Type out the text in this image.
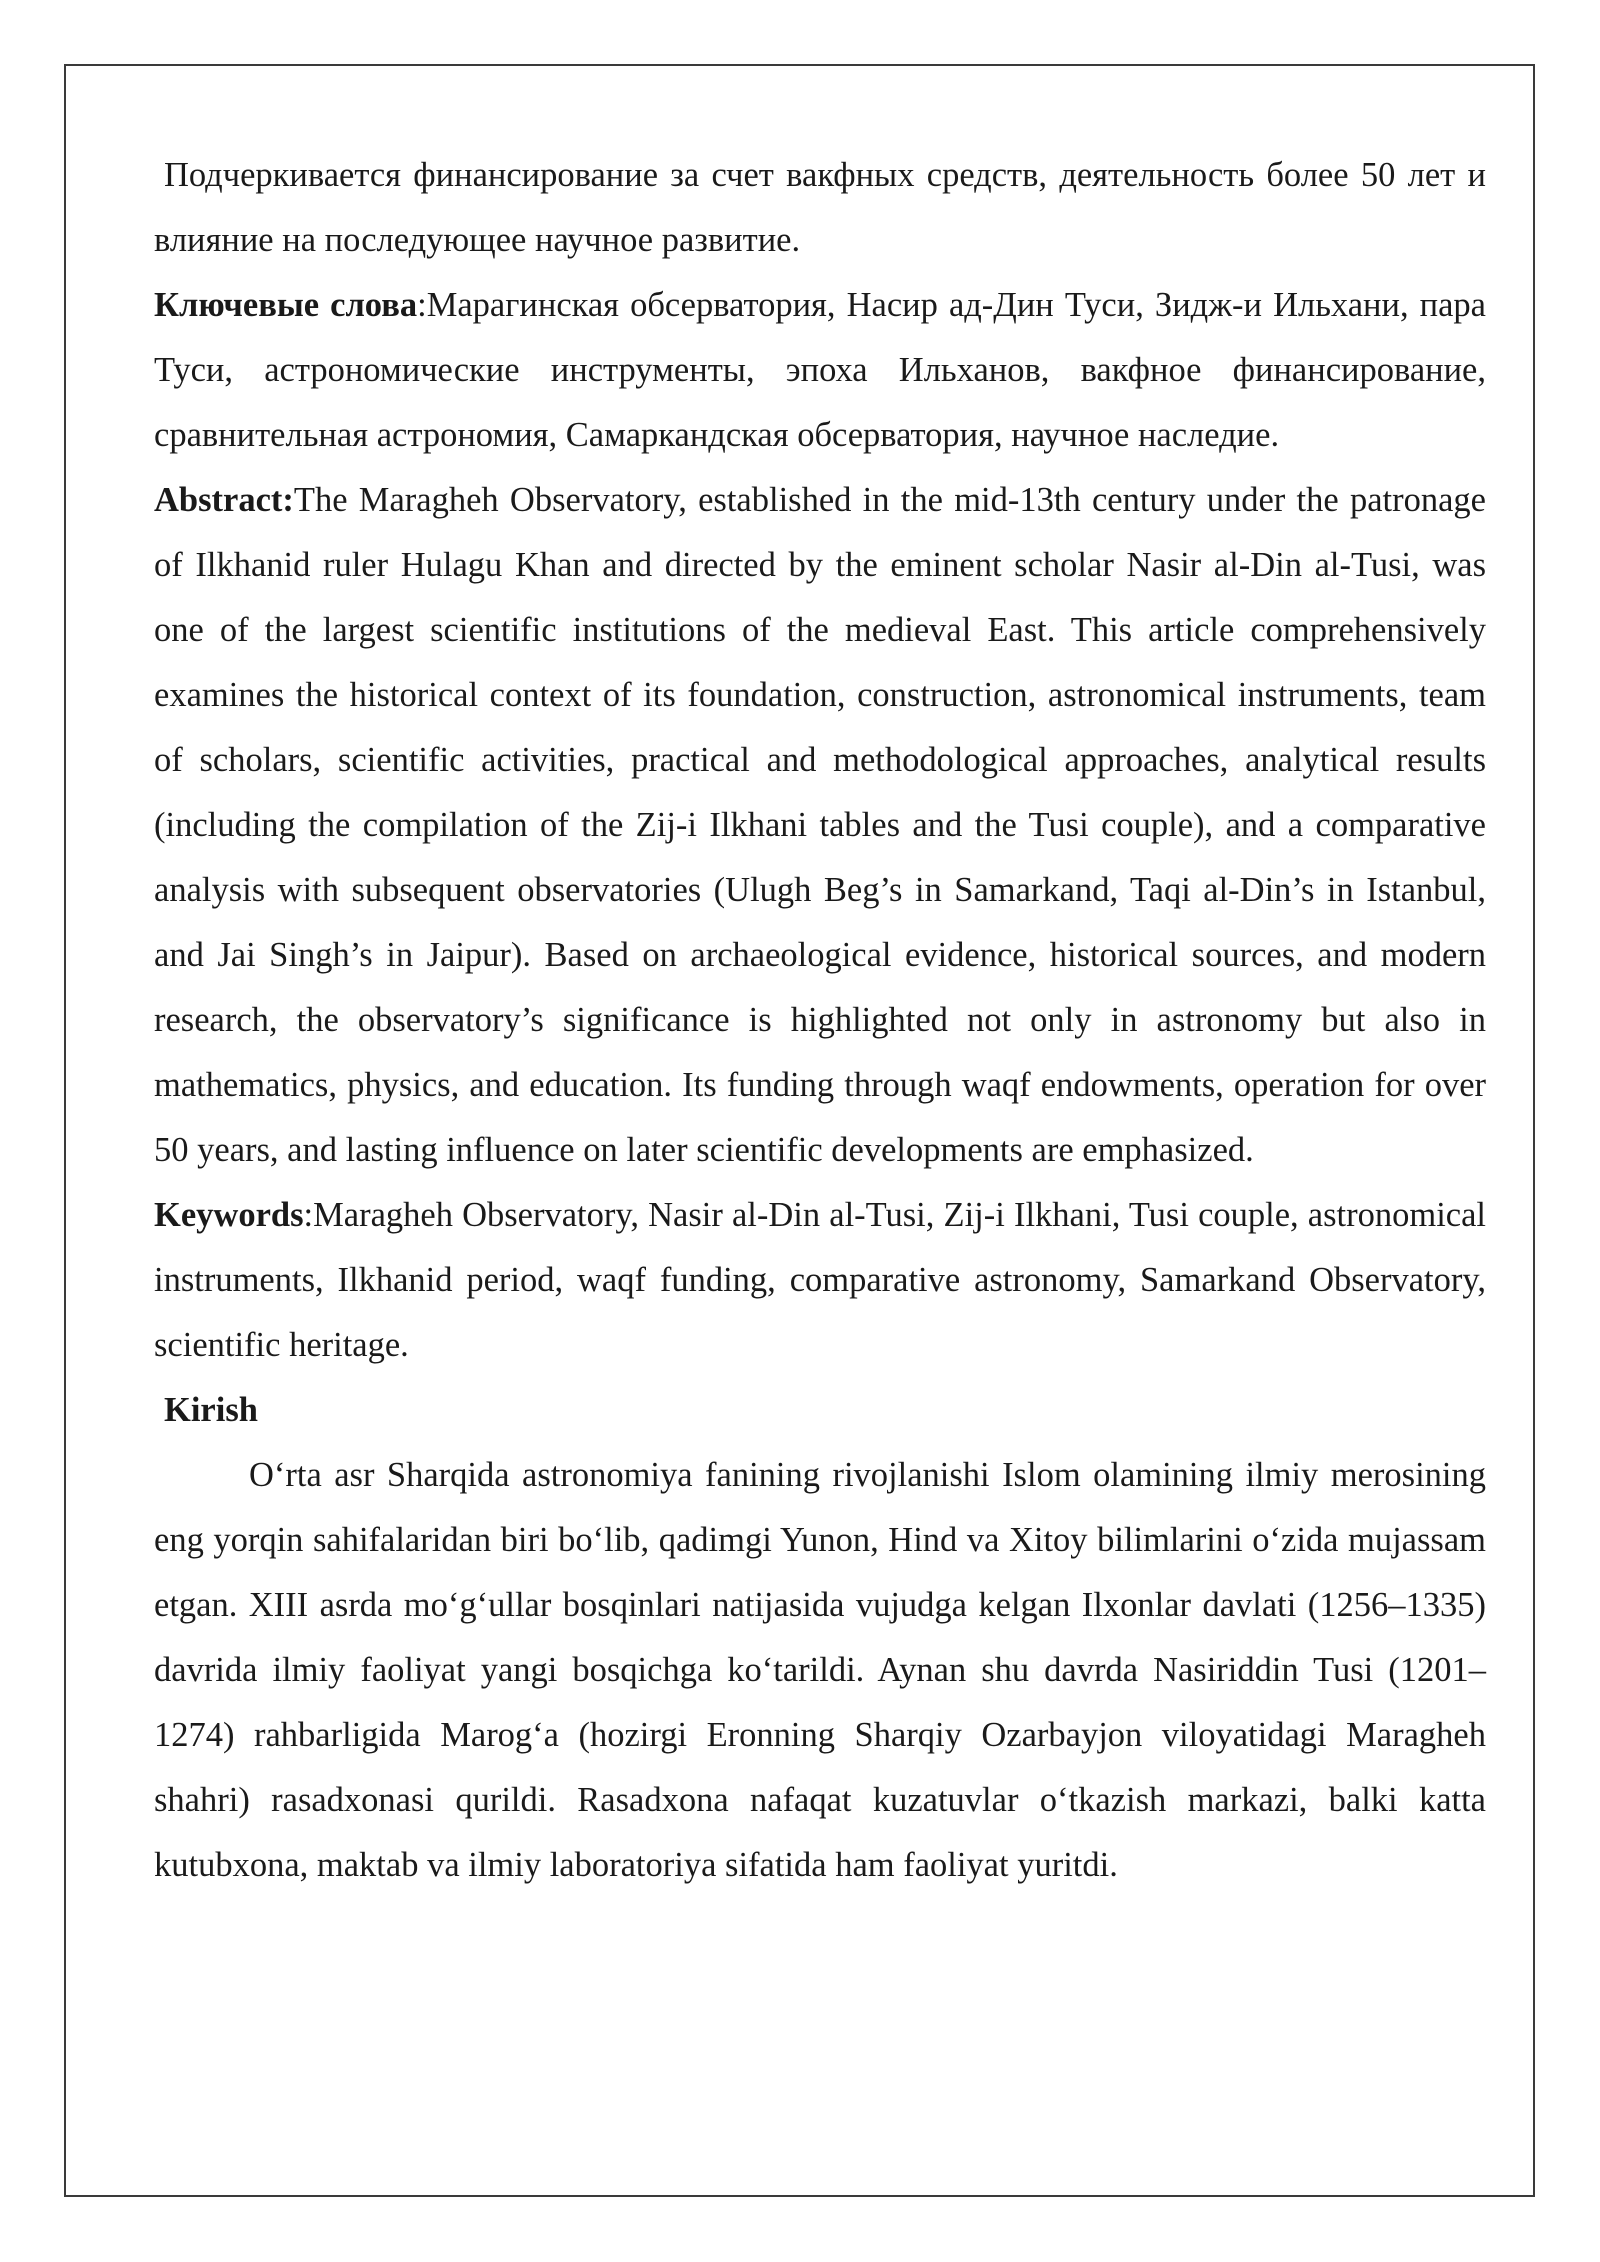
Подчеркивается финансирование за счет вакфных средств, деятельность более 50 лет и влияние на последующее научное развитие.

Ключевые слова:Марагинская обсерватория, Насир ад-Дин Туси, Зидж-и Ильхани, пара Туси, астрономические инструменты, эпоха Ильханов, вакфное финансирование, сравнительная астрономия, Самаркандская обсерватория, научное наследие.

Abstract:The Maragheh Observatory, established in the mid-13th century under the patronage of Ilkhanid ruler Hulagu Khan and directed by the eminent scholar Nasir al-Din al-Tusi, was one of the largest scientific institutions of the medieval East. This article comprehensively examines the historical context of its foundation, construction, astronomical instruments, team of scholars, scientific activities, practical and methodological approaches, analytical results (including the compilation of the Zij-i Ilkhani tables and the Tusi couple), and a comparative analysis with subsequent observatories (Ulugh Beg’s in Samarkand, Taqi al-Din’s in Istanbul, and Jai Singh’s in Jaipur). Based on archaeological evidence, historical sources, and modern research, the observatory’s significance is highlighted not only in astronomy but also in mathematics, physics, and education. Its funding through waqf endowments, operation for over 50 years, and lasting influence on later scientific developments are emphasized.

Keywords:Maragheh Observatory, Nasir al-Din al-Tusi, Zij-i Ilkhani, Tusi couple, astronomical instruments, Ilkhanid period, waqf funding, comparative astronomy, Samarkand Observatory, scientific heritage.

Kirish

O‘rta asr Sharqida astronomiya fanining rivojlanishi Islom olamining ilmiy merosining eng yorqin sahifalaridan biri bo‘lib, qadimgi Yunon, Hind va Xitoy bilimlarini o‘zida mujassam etgan. XIII asrda mo‘g‘ullar bosqinlari natijasida vujudga kelgan Ilxonlar davlati (1256–1335) davrida ilmiy faoliyat yangi bosqichga ko‘tarildi. Aynan shu davrda Nasiriddin Tusi (1201–1274) rahbarligida Marog‘a (hozirgi Eronning Sharqiy Ozarbayjon viloyatidagi Maragheh shahri) rasadxonasi qurildi. Rasadxona nafaqat kuzatuvlar o‘tkazish markazi, balki katta kutubxona, maktab va ilmiy laboratoriya sifatida ham faoliyat yuritdi.
